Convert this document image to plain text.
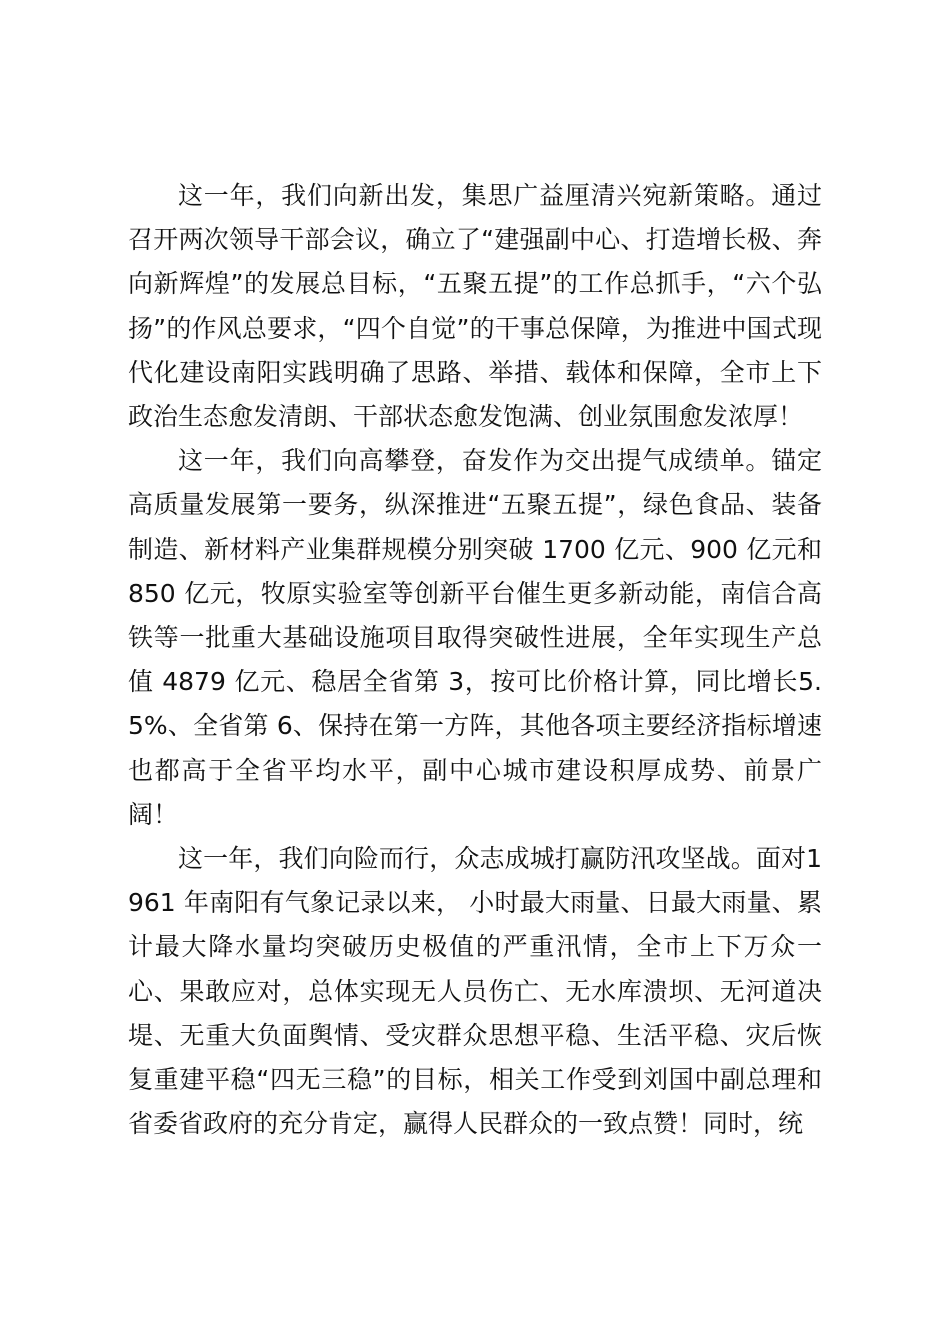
这一年，我们向新出发，集思广益厘清兴宛新策略。通过召开两次领导干部会议，确立了“建强副中心、打造增长极、奔向新辉煌”的发展总目标，“五聚五提”的工作总抓手，“六个弘扬”的作风总要求，“四个自觉”的干事总保障，为推进中国式现代化建设南阳实践明确了思路、举措、载体和保障，全市上下政治生态愈发清朗、干部状态愈发饱满、创业氛围愈发浓厚！

这一年，我们向高攀登，奋发作为交出提气成绩单。锚定高质量发展第一要务，纵深推进“五聚五提”，绿色食品、装备制造、新材料产业集群规模分别突破 1700 亿元、900 亿元和850 亿元，牧原实验室等创新平台催生更多新动能，南信合高铁等一批重大基础设施项目取得突破性进展，全年实现生产总值 4879 亿元、稳居全省第 3，按可比价格计算，同比增长5.5%、全省第 6、保持在第一方阵，其他各项主要经济指标增速也都高于全省平均水平，副中心城市建设积厚成势、前景广阔！

这一年，我们向险而行，众志成城打赢防汛攻坚战。面对1961 年南阳有气象记录以来， 小时最大雨量、日最大雨量、累计最大降水量均突破历史极值的严重汛情，全市上下万众一心、果敢应对，总体实现无人员伤亡、无水库溃坝、无河道决堤、无重大负面舆情、受灾群众思想平稳、生活平稳、灾后恢复重建平稳“四无三稳”的目标，相关工作受到刘国中副总理和省委省政府的充分肯定，赢得人民群众的一致点赞！同时，统
